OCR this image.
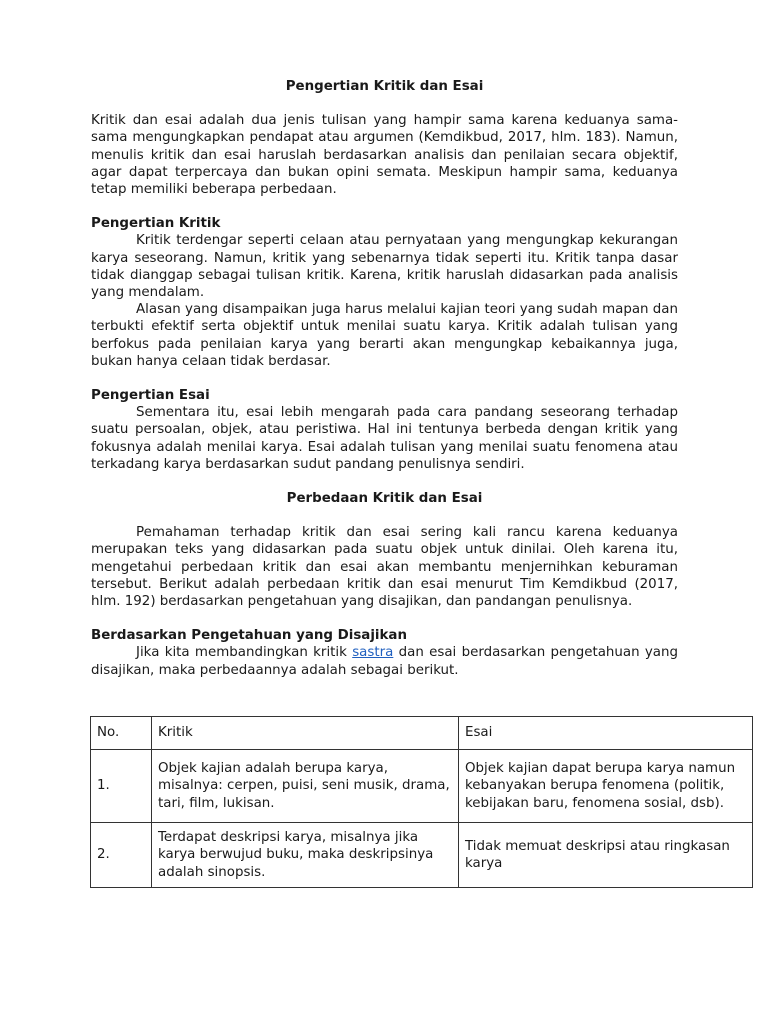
Pengertian Kritik dan Esai

Kritik dan esai adalah dua jenis tulisan yang hampir sama karena keduanya sama-sama mengungkapkan pendapat atau argumen (Kemdikbud, 2017, hlm. 183). Namun, menulis kritik dan esai haruslah berdasarkan analisis dan penilaian secara objektif, agar dapat terpercaya dan bukan opini semata. Meskipun hampir sama, keduanya tetap memiliki beberapa perbedaan.

Pengertian Kritik

Kritik terdengar seperti celaan atau pernyataan yang mengungkap kekurangan karya seseorang. Namun, kritik yang sebenarnya tidak seperti itu. Kritik tanpa dasar tidak dianggap sebagai tulisan kritik. Karena, kritik haruslah didasarkan pada analisis yang mendalam.

Alasan yang disampaikan juga harus melalui kajian teori yang sudah mapan dan terbukti efektif serta objektif untuk menilai suatu karya. Kritik adalah tulisan yang berfokus pada penilaian karya yang berarti akan mengungkap kebaikannya juga, bukan hanya celaan tidak berdasar.

Pengertian Esai

Sementara itu, esai lebih mengarah pada cara pandang seseorang terhadap suatu persoalan, objek, atau peristiwa. Hal ini tentunya berbeda dengan kritik yang fokusnya adalah menilai karya. Esai adalah tulisan yang menilai suatu fenomena atau terkadang karya berdasarkan sudut pandang penulisnya sendiri.

Perbedaan Kritik dan Esai

Pemahaman terhadap kritik dan esai sering kali rancu karena keduanya merupakan teks yang didasarkan pada suatu objek untuk dinilai. Oleh karena itu, mengetahui perbedaan kritik dan esai akan membantu menjernihkan keburaman tersebut. Berikut adalah perbedaan kritik dan esai menurut Tim Kemdikbud (2017, hlm. 192) berdasarkan pengetahuan yang disajikan, dan pandangan penulisnya.

Berdasarkan Pengetahuan yang Disajikan

Jika kita membandingkan kritik sastra dan esai berdasarkan pengetahuan yang disajikan, maka perbedaannya adalah sebagai berikut.

No.	Kritik	Esai
1.	Objek kajian adalah berupa karya, misalnya: cerpen, puisi, seni musik, drama, tari, film, lukisan.	Objek kajian dapat berupa karya namun kebanyakan berupa fenomena (politik, kebijakan baru, fenomena sosial, dsb).
2.	Terdapat deskripsi karya, misalnya jika karya berwujud buku, maka deskripsinya adalah sinopsis.	Tidak memuat deskripsi atau ringkasan karya
